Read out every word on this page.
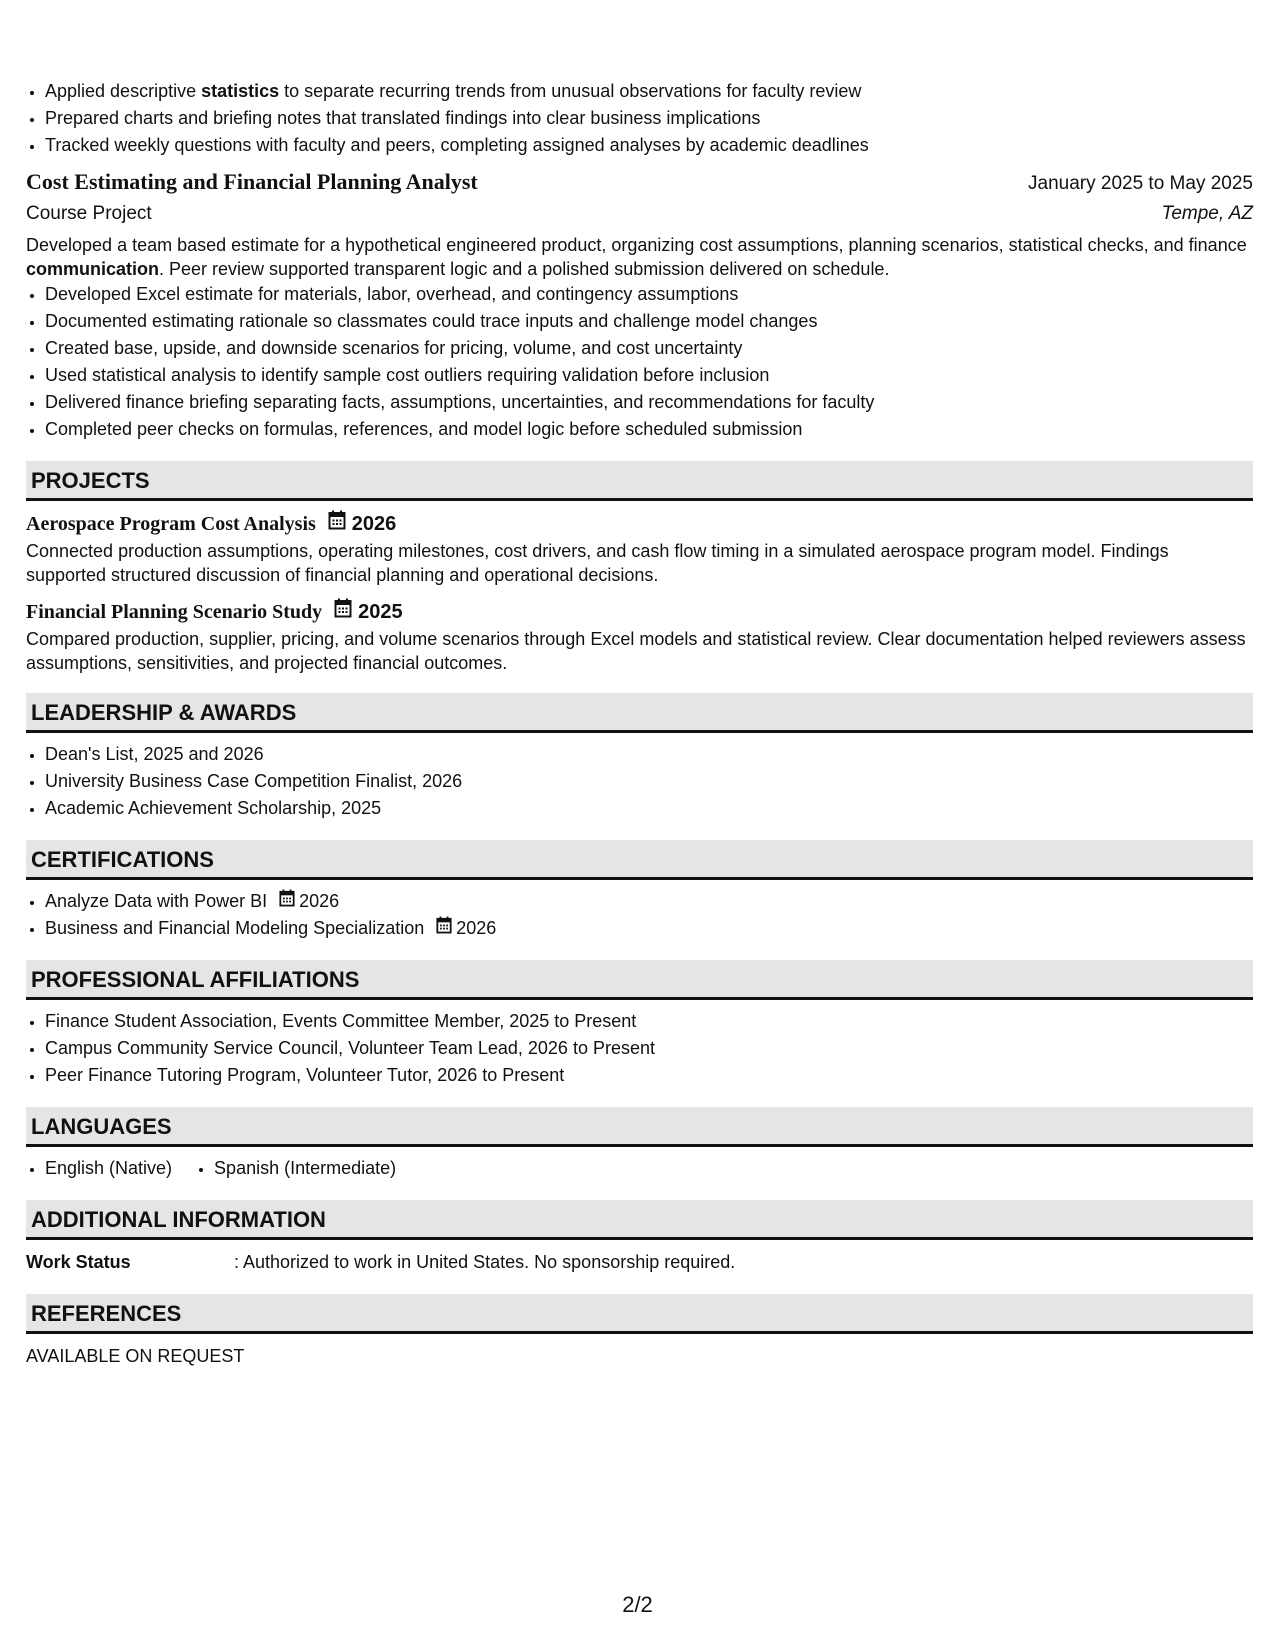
• Applied descriptive statistics to separate recurring trends from unusual observations for faculty review
• Prepared charts and briefing notes that translated findings into clear business implications
• Tracked weekly questions with faculty and peers, completing assigned analyses by academic deadlines
Cost Estimating and Financial Planning Analyst	January 2025 to May 2025
Course Project	Tempe, AZ
Developed a team based estimate for a hypothetical engineered product, organizing cost assumptions, planning scenarios, statistical checks, and finance communication. Peer review supported transparent logic and a polished submission delivered on schedule.
• Developed Excel estimate for materials, labor, overhead, and contingency assumptions
• Documented estimating rationale so classmates could trace inputs and challenge model changes
• Created base, upside, and downside scenarios for pricing, volume, and cost uncertainty
• Used statistical analysis to identify sample cost outliers requiring validation before inclusion
• Delivered finance briefing separating facts, assumptions, uncertainties, and recommendations for faculty
• Completed peer checks on formulas, references, and model logic before scheduled submission
PROJECTS
Aerospace Program Cost Analysis 2026
Connected production assumptions, operating milestones, cost drivers, and cash flow timing in a simulated aerospace program model. Findings supported structured discussion of financial planning and operational decisions.
Financial Planning Scenario Study 2025
Compared production, supplier, pricing, and volume scenarios through Excel models and statistical review. Clear documentation helped reviewers assess assumptions, sensitivities, and projected financial outcomes.
LEADERSHIP & AWARDS
• Dean's List, 2025 and 2026
• University Business Case Competition Finalist, 2026
• Academic Achievement Scholarship, 2025
CERTIFICATIONS
• Analyze Data with Power BI 2026
• Business and Financial Modeling Specialization 2026
PROFESSIONAL AFFILIATIONS
• Finance Student Association, Events Committee Member, 2025 to Present
• Campus Community Service Council, Volunteer Team Lead, 2026 to Present
• Peer Finance Tutoring Program, Volunteer Tutor, 2026 to Present
LANGUAGES
• English (Native)
• Spanish (Intermediate)
ADDITIONAL INFORMATION
Work Status	: Authorized to work in United States. No sponsorship required.
REFERENCES
AVAILABLE ON REQUEST
2/2
